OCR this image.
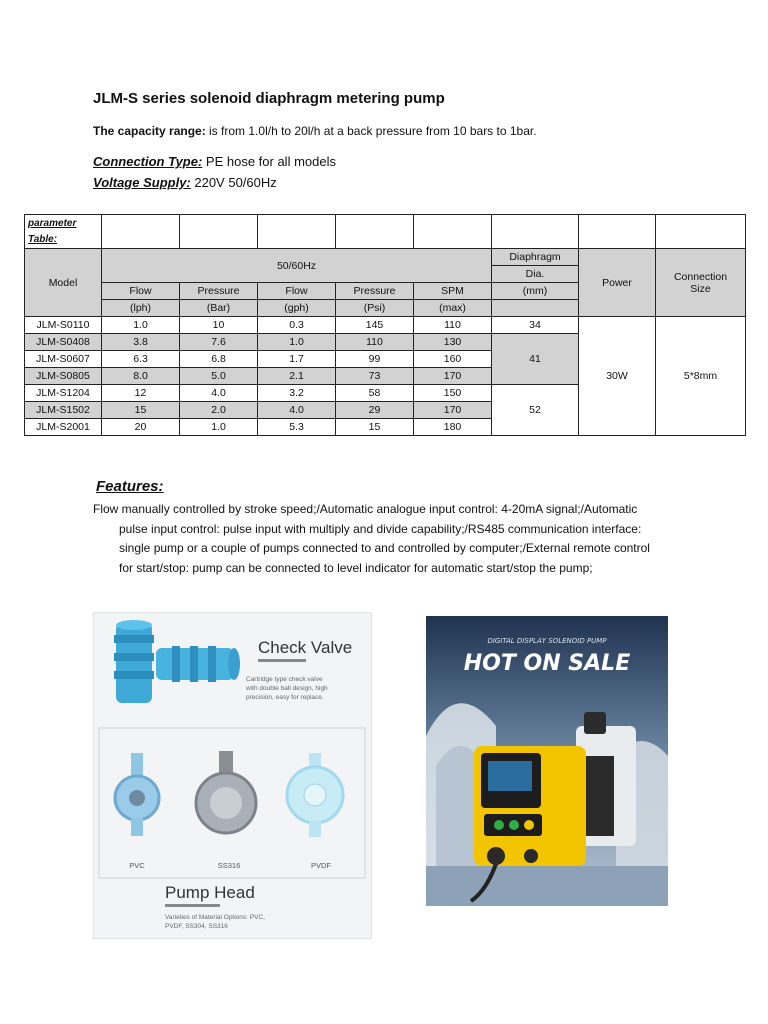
JLM-S series solenoid diaphragm metering pump
The capacity range: is from 1.0l/h to 20l/h at a back pressure from 10 bars to 1bar.
Connection Type: PE hose for all models
Voltage Supply: 220V 50/60Hz
parameter
Table:								
Model	50/60Hz					Diaphragm	Power	Connection
Size
						Dia.		
	Flow	Pressure	Flow	Pressure	SPM	(mm)		
	(lph)	(Bar)	(gph)	(Psi)	(max)			
JLM-S0110	1.0	10	0.3	145	110	34	30W	5*8mm
JLM-S0408	3.8	7.6	1.0	110	130	41		
JLM-S0607	6.3	6.8	1.7	99	160			
JLM-S0805	8.0	5.0	2.1	73	170			
JLM-S1204	12	4.0	3.2	58	150	52		
JLM-S1502	15	2.0	4.0	29	170			
JLM-S2001	20	1.0	5.3	15	180			
Features:

Flow manually controlled by stroke speed;/Automatic analogue input control: 4-20mA signal;/Automatic pulse input control: pulse input with multiply and divide capability;/RS485 communication interface: single pump or a couple of pumps connected to and controlled by computer;/External remote control for start/stop: pump can be connected to level indicator for automatic start/stop the pump;

Check Valve
Cartridge type check valve
with double ball design, high
precision, easy for replace.
PVC	SS316	PVDF
Pump Head
Varieties of Material Options: PVC,
PVDF, SS304, SS316
DIGITAL DISPLAY SOLENOID PUMP
HOT ON SALE
